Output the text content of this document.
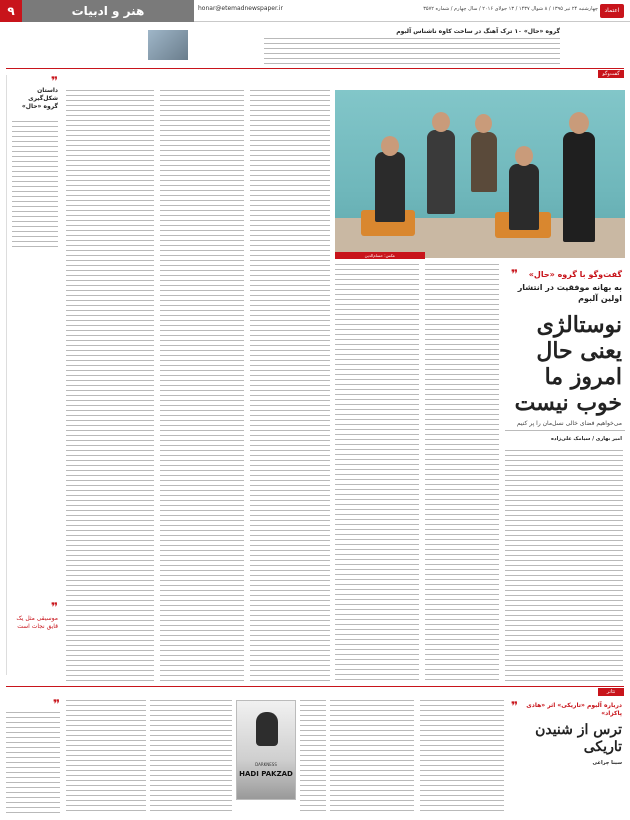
۹	هنر و ادبیات	honar@etemadnewspaper.ir	چهارشنبه ۲۴ تیر ۱۳۹۵ / ۸ شوال ۱۴۳۷ / ۱۳ جولای ۲۰۱۶ / سال چهارم / شماره ۳۵۷۲	اعتماد
گروه «حال» ۱۰ ترک آهنگ در ساخت کاوه ناشناس آلبوم
گفت‌وگو
عکس: حسام‌الدین
❞	گفت‌وگو با گروه «حال»
به بهانه موفقیت در انتشار اولین آلبوم
نوستالژی یعنی حال امروز ما خوب نیست
می‌خواهیم فضای خالی نسل‌مان را پر کنیم
امیر بهاری / سیامک علی‌زاده
❞
داستان شکل‌گیری گروه «حال»
❞
موسیقی مثل یک قایق نجات است
تئاتر
❞	درباره آلبوم «تاریکی» اثر «هادی پاکزاد»
ترس از شنیدن تاریکی
سینا چراغی
❞
DARKNESS
HADI PAKZAD
